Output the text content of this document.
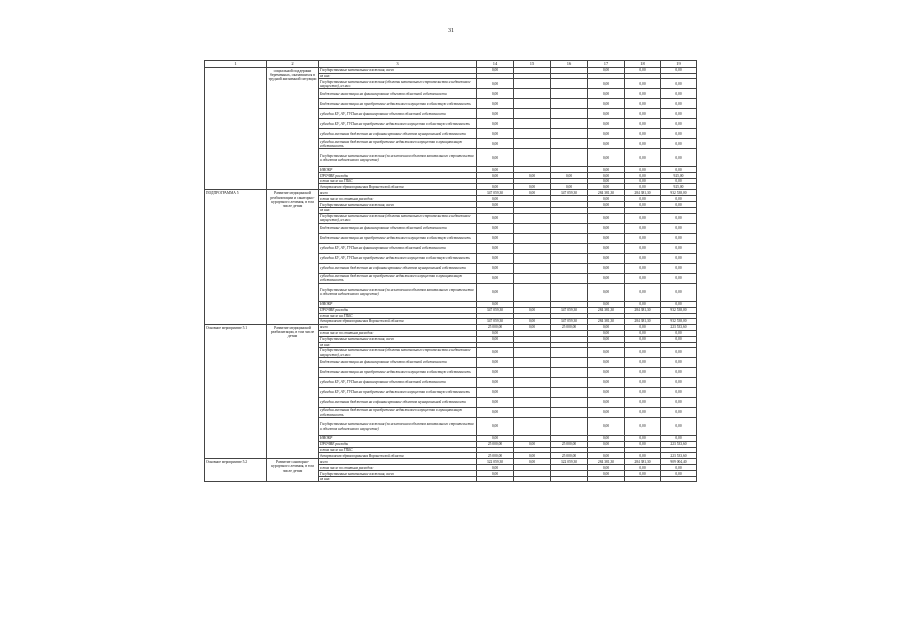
31
1	2	3	14	15	16	17	18	19
	социальной поддержки беременных, оказавшихся в трудной жизненной ситуации	Государственные капитальные вложения, всего	0,00			0,00	0,00	0,00
		из них:						
		Государственные капитальные вложения (объекты капитального строительства и недвижимое имущество), из них:	0,00			0,00	0,00	0,00
		Бюджетные инвестиции на финансирование объектов областной собственности	0,00			0,00	0,00	0,00
		Бюджетные инвестиции на приобретение недвижимого имущества в областную собственность	0,00			0,00	0,00	0,00
		субсидии БУ, АУ, ГУПам на финансирование объектов областной собственности	0,00			0,00	0,00	0,00
		субсидии БУ, АУ, ГУПам на приобретение недвижимого имущества в областную собственность	0,00			0,00	0,00	0,00
		субсидии местным бюджетам на софинансирование объектов муниципальной собственности	0,00			0,00	0,00	0,00
		субсидии местным бюджетам на приобретение недвижимого имущества в муниципальную собственность	0,00			0,00	0,00	0,00
		Государственные капитальные вложения (за исключением объектов капитального строительства и объектов недвижимого имущества)	0,00			0,00	0,00	0,00
		НИОКР	0,00			0,00	0,00	0,00
		ПРОЧИЕ расходы	0,00	0,00	0,00	0,00	0,00	925,00
		в том числе на ГПБС				0,00	0,00	0,00
		департамент здравоохранения Воронежской области	0,00	0,00	0,00	0,00	0,00	925,00
ПОДПРОГРАММА 5	Развитие медицинской реабилитации и санаторно-курортного лечения, в том числе детям	всего	347 059,30	0,00	347 059,30	284 381,30	284 381,30	932 538,00
		в том числе по статьям расходов:	0,00			0,00	0,00	0,00
		Государственные капитальные вложения, всего	0,00			0,00	0,00	0,00
		из них:						
		Государственные капитальные вложения (объекты капитального строительства и недвижимое имущество), из них:	0,00			0,00	0,00	0,00
		Бюджетные инвестиции на финансирование объектов областной собственности	0,00			0,00	0,00	0,00
		Бюджетные инвестиции на приобретение недвижимого имущества в областную собственность	0,00			0,00	0,00	0,00
		субсидии БУ, АУ, ГУПам на финансирование объектов областной собственности	0,00			0,00	0,00	0,00
		субсидии БУ, АУ, ГУПам на приобретение недвижимого имущества в областную собственность	0,00			0,00	0,00	0,00
		субсидии местным бюджетам на софинансирование объектов муниципальной собственности	0,00			0,00	0,00	0,00
		субсидии местным бюджетам на приобретение недвижимого имущества в муниципальную собственность	0,00			0,00	0,00	0,00
		Государственные капитальные вложения (за исключением объектов капитального строительства и объектов недвижимого имущества)	0,00			0,00	0,00	0,00
		НИОКР	0,00			0,00	0,00	0,00
		ПРОЧИЕ расходы	347 059,30	0,00	347 059,30	284 381,30	284 381,30	932 538,00
		в том числе на ГПБС						
		департамент здравоохранения Воронежской области	347 059,30	0,00	347 059,30	284 381,30	284 381,30	932 538,00
Основное мероприятие 5.1	Развитие медицинской реабилитации, в том числе детям	всего	25 000,00	0,00	25 000,00	0,00	0,00	223 533,60
		в том числе по статьям расходов:	0,00			0,00	0,00	0,00
		Государственные капитальные вложения, всего	0,00			0,00	0,00	0,00
		из них:						
		Государственные капитальные вложения (объекты капитального строительства и недвижимое имущество), из них:	0,00			0,00	0,00	0,00
		Бюджетные инвестиции на финансирование объектов областной собственности	0,00			0,00	0,00	0,00
		Бюджетные инвестиции на приобретение недвижимого имущества в областную собственность	0,00			0,00	0,00	0,00
		субсидии БУ, АУ, ГУПам на финансирование объектов областной собственности	0,00			0,00	0,00	0,00
		субсидии БУ, АУ, ГУПам на приобретение недвижимого имущества в областную собственность	0,00			0,00	0,00	0,00
		субсидии местным бюджетам на софинансирование объектов муниципальной собственности	0,00			0,00	0,00	0,00
		субсидии местным бюджетам на приобретение недвижимого имущества в муниципальную собственность	0,00			0,00	0,00	0,00
		Государственные капитальные вложения (за исключением объектов капитального строительства и объектов недвижимого имущества)	0,00			0,00	0,00	0,00
		НИОКР	0,00			0,00	0,00	0,00
		ПРОЧИЕ расходы	25 000,00	0,00	25 000,00	0,00	0,00	223 533,60
		в том числе на ГПБС						
		департамент здравоохранения Воронежской области	25 000,00	0,00	25 000,00	0,00	0,00	223 533,60
Основное мероприятие 5.2	Развитие санаторно-курортного лечения, в том числе детям	всего	322 059,30	0,00	322 059,30	284 381,30	284 381,30	909 004,40
		в том числе по статьям расходов:	0,00			0,00	0,00	0,00
		Государственные капитальные вложения, всего	0,00			0,00	0,00	0,00
		из них:						
